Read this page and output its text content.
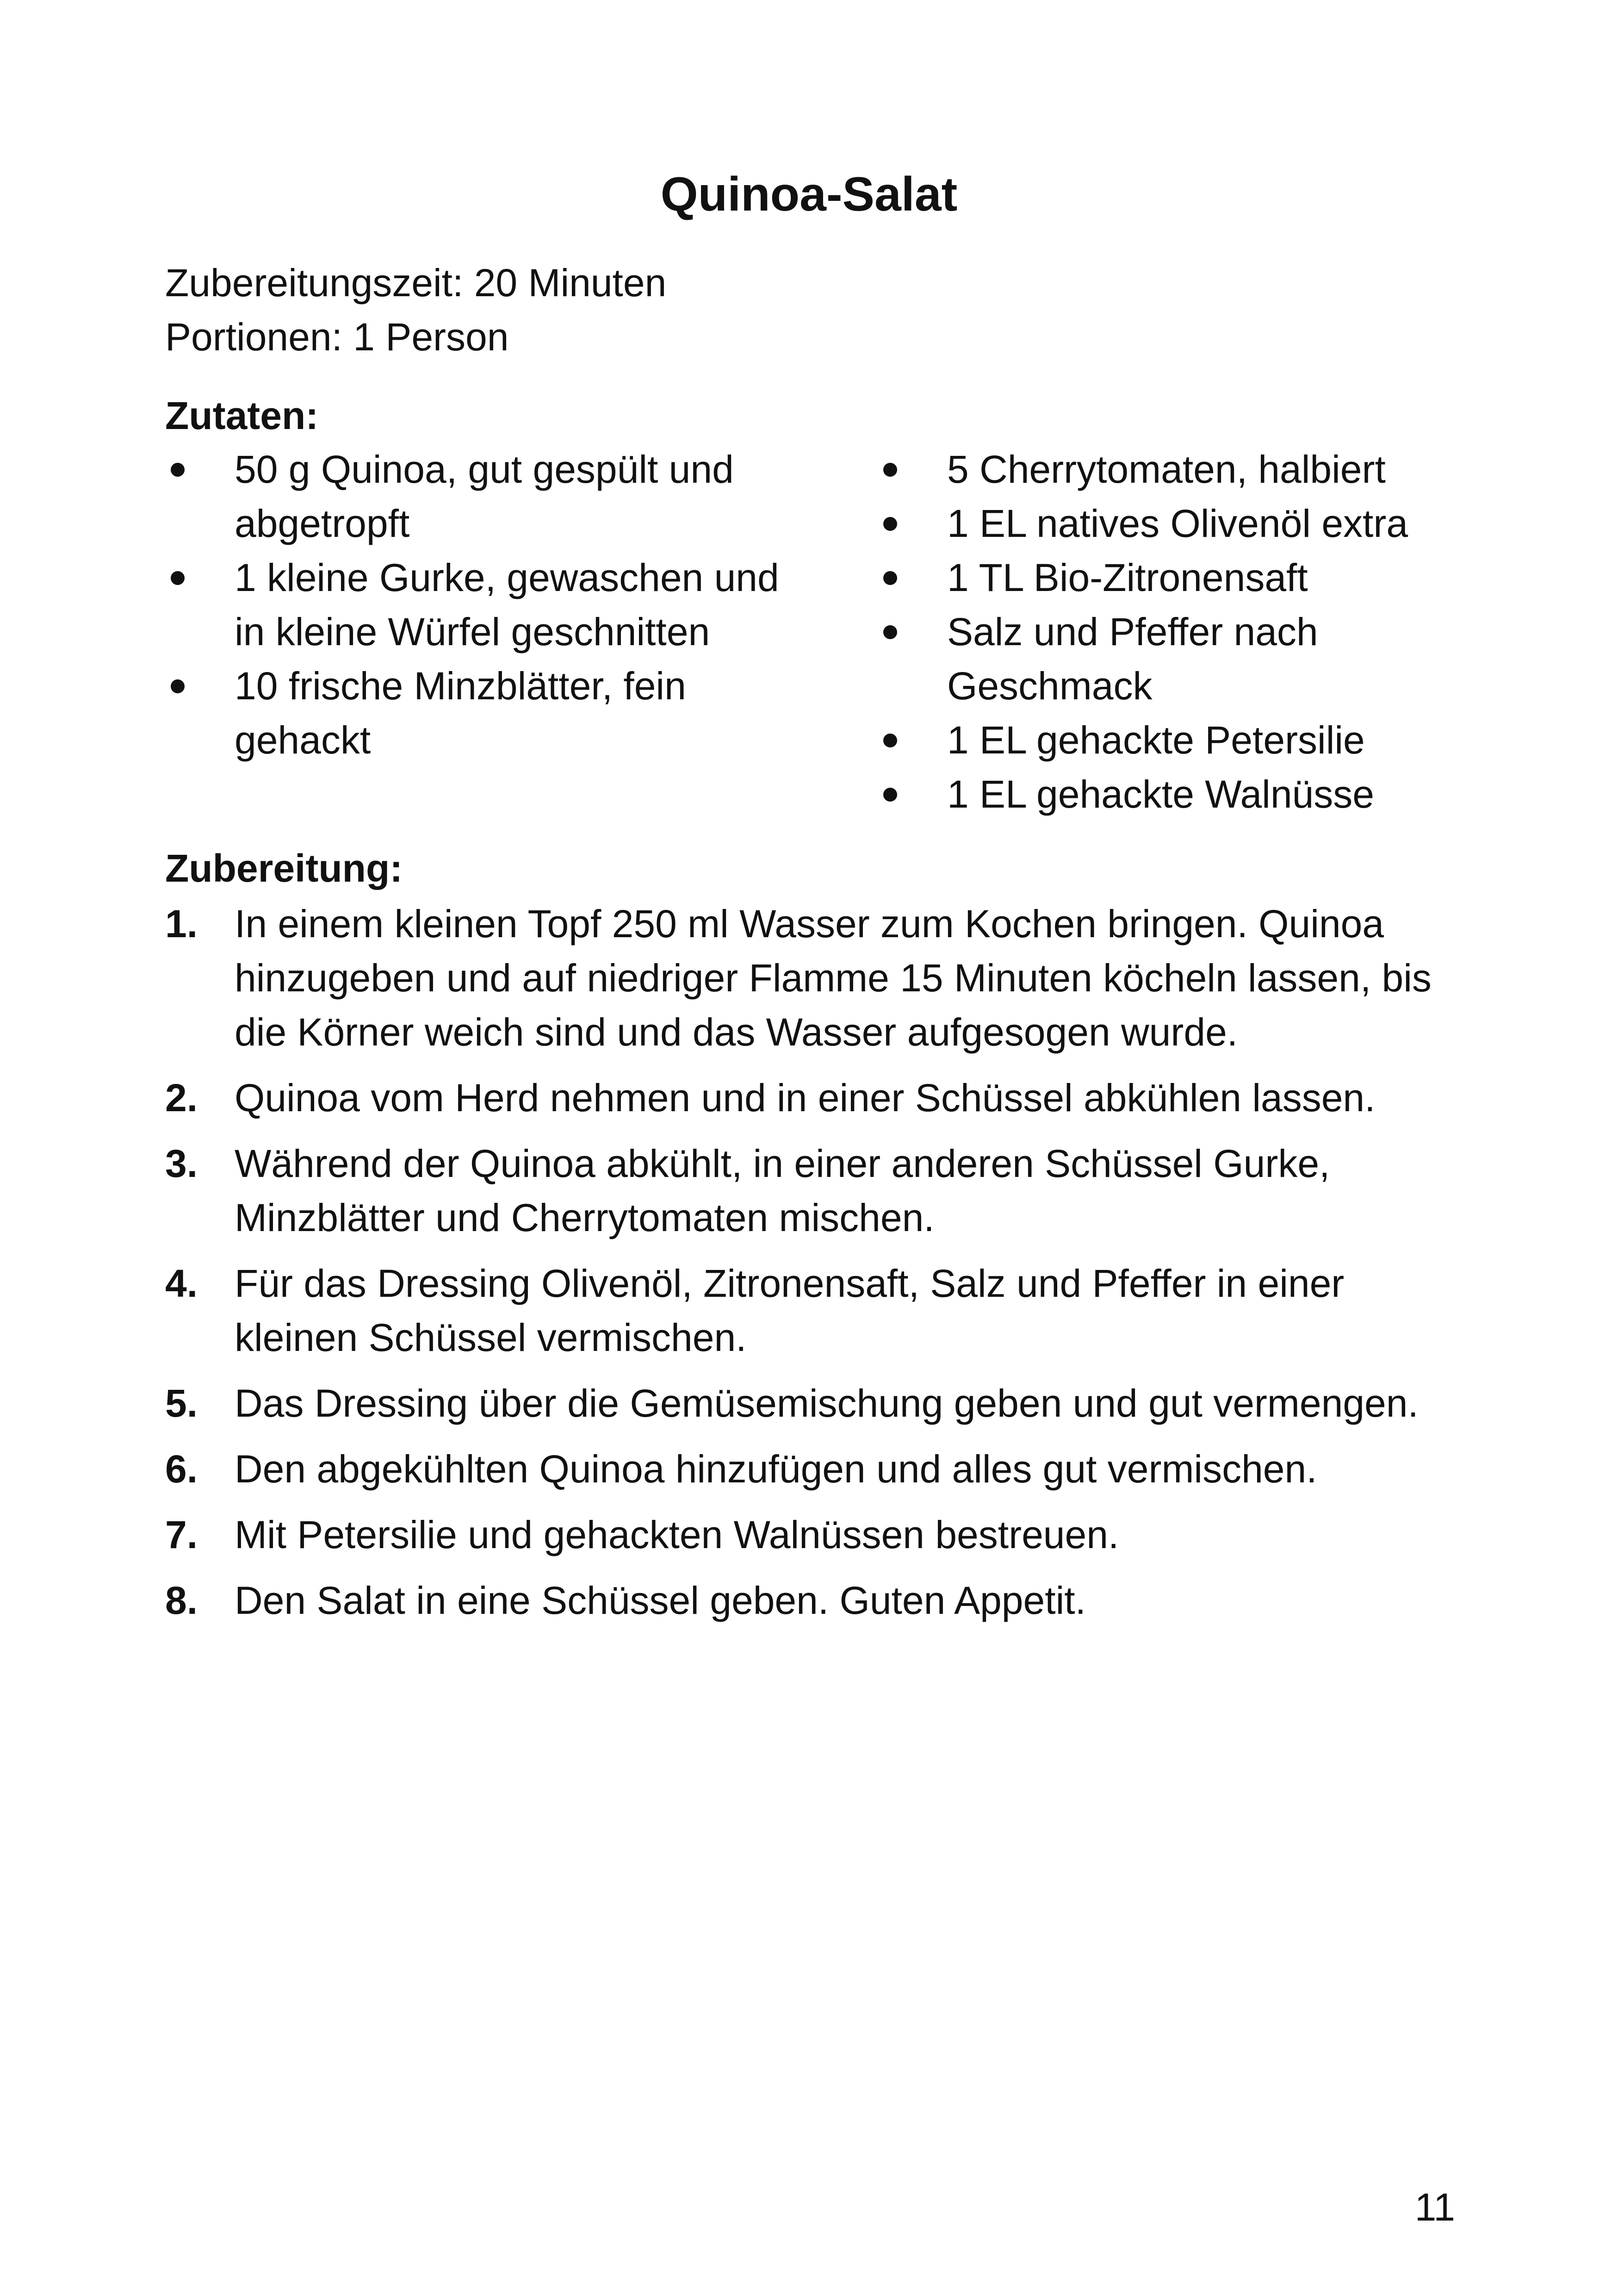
Quinoa-Salat
Zubereitungszeit: 20 Minuten
Portionen: 1 Person
Zutaten:
50 g Quinoa, gut gespült und abgetropft
1 kleine Gurke, gewaschen und in kleine Würfel geschnitten
10 frische Minzblätter, fein gehackt
5 Cherrytomaten, halbiert
1 EL natives Olivenöl extra
1 TL Bio-Zitronensaft
Salz und Pfeffer nach Geschmack
1 EL gehackte Petersilie
1 EL gehackte Walnüsse
Zubereitung:
1. In einem kleinen Topf 250 ml Wasser zum Kochen bringen. Quinoa hinzugeben und auf niedriger Flamme 15 Minuten köcheln lassen, bis die Körner weich sind und das Wasser aufgesogen wurde.
2. Quinoa vom Herd nehmen und in einer Schüssel abkühlen lassen.
3. Während der Quinoa abkühlt, in einer anderen Schüssel Gurke, Minzblätter und Cherrytomaten mischen.
4. Für das Dressing Olivenöl, Zitronensaft, Salz und Pfeffer in einer kleinen Schüssel vermischen.
5. Das Dressing über die Gemüsemischung geben und gut vermengen.
6. Den abgekühlten Quinoa hinzufügen und alles gut vermischen.
7. Mit Petersilie und gehackten Walnüssen bestreuen.
8. Den Salat in eine Schüssel geben. Guten Appetit.
11
